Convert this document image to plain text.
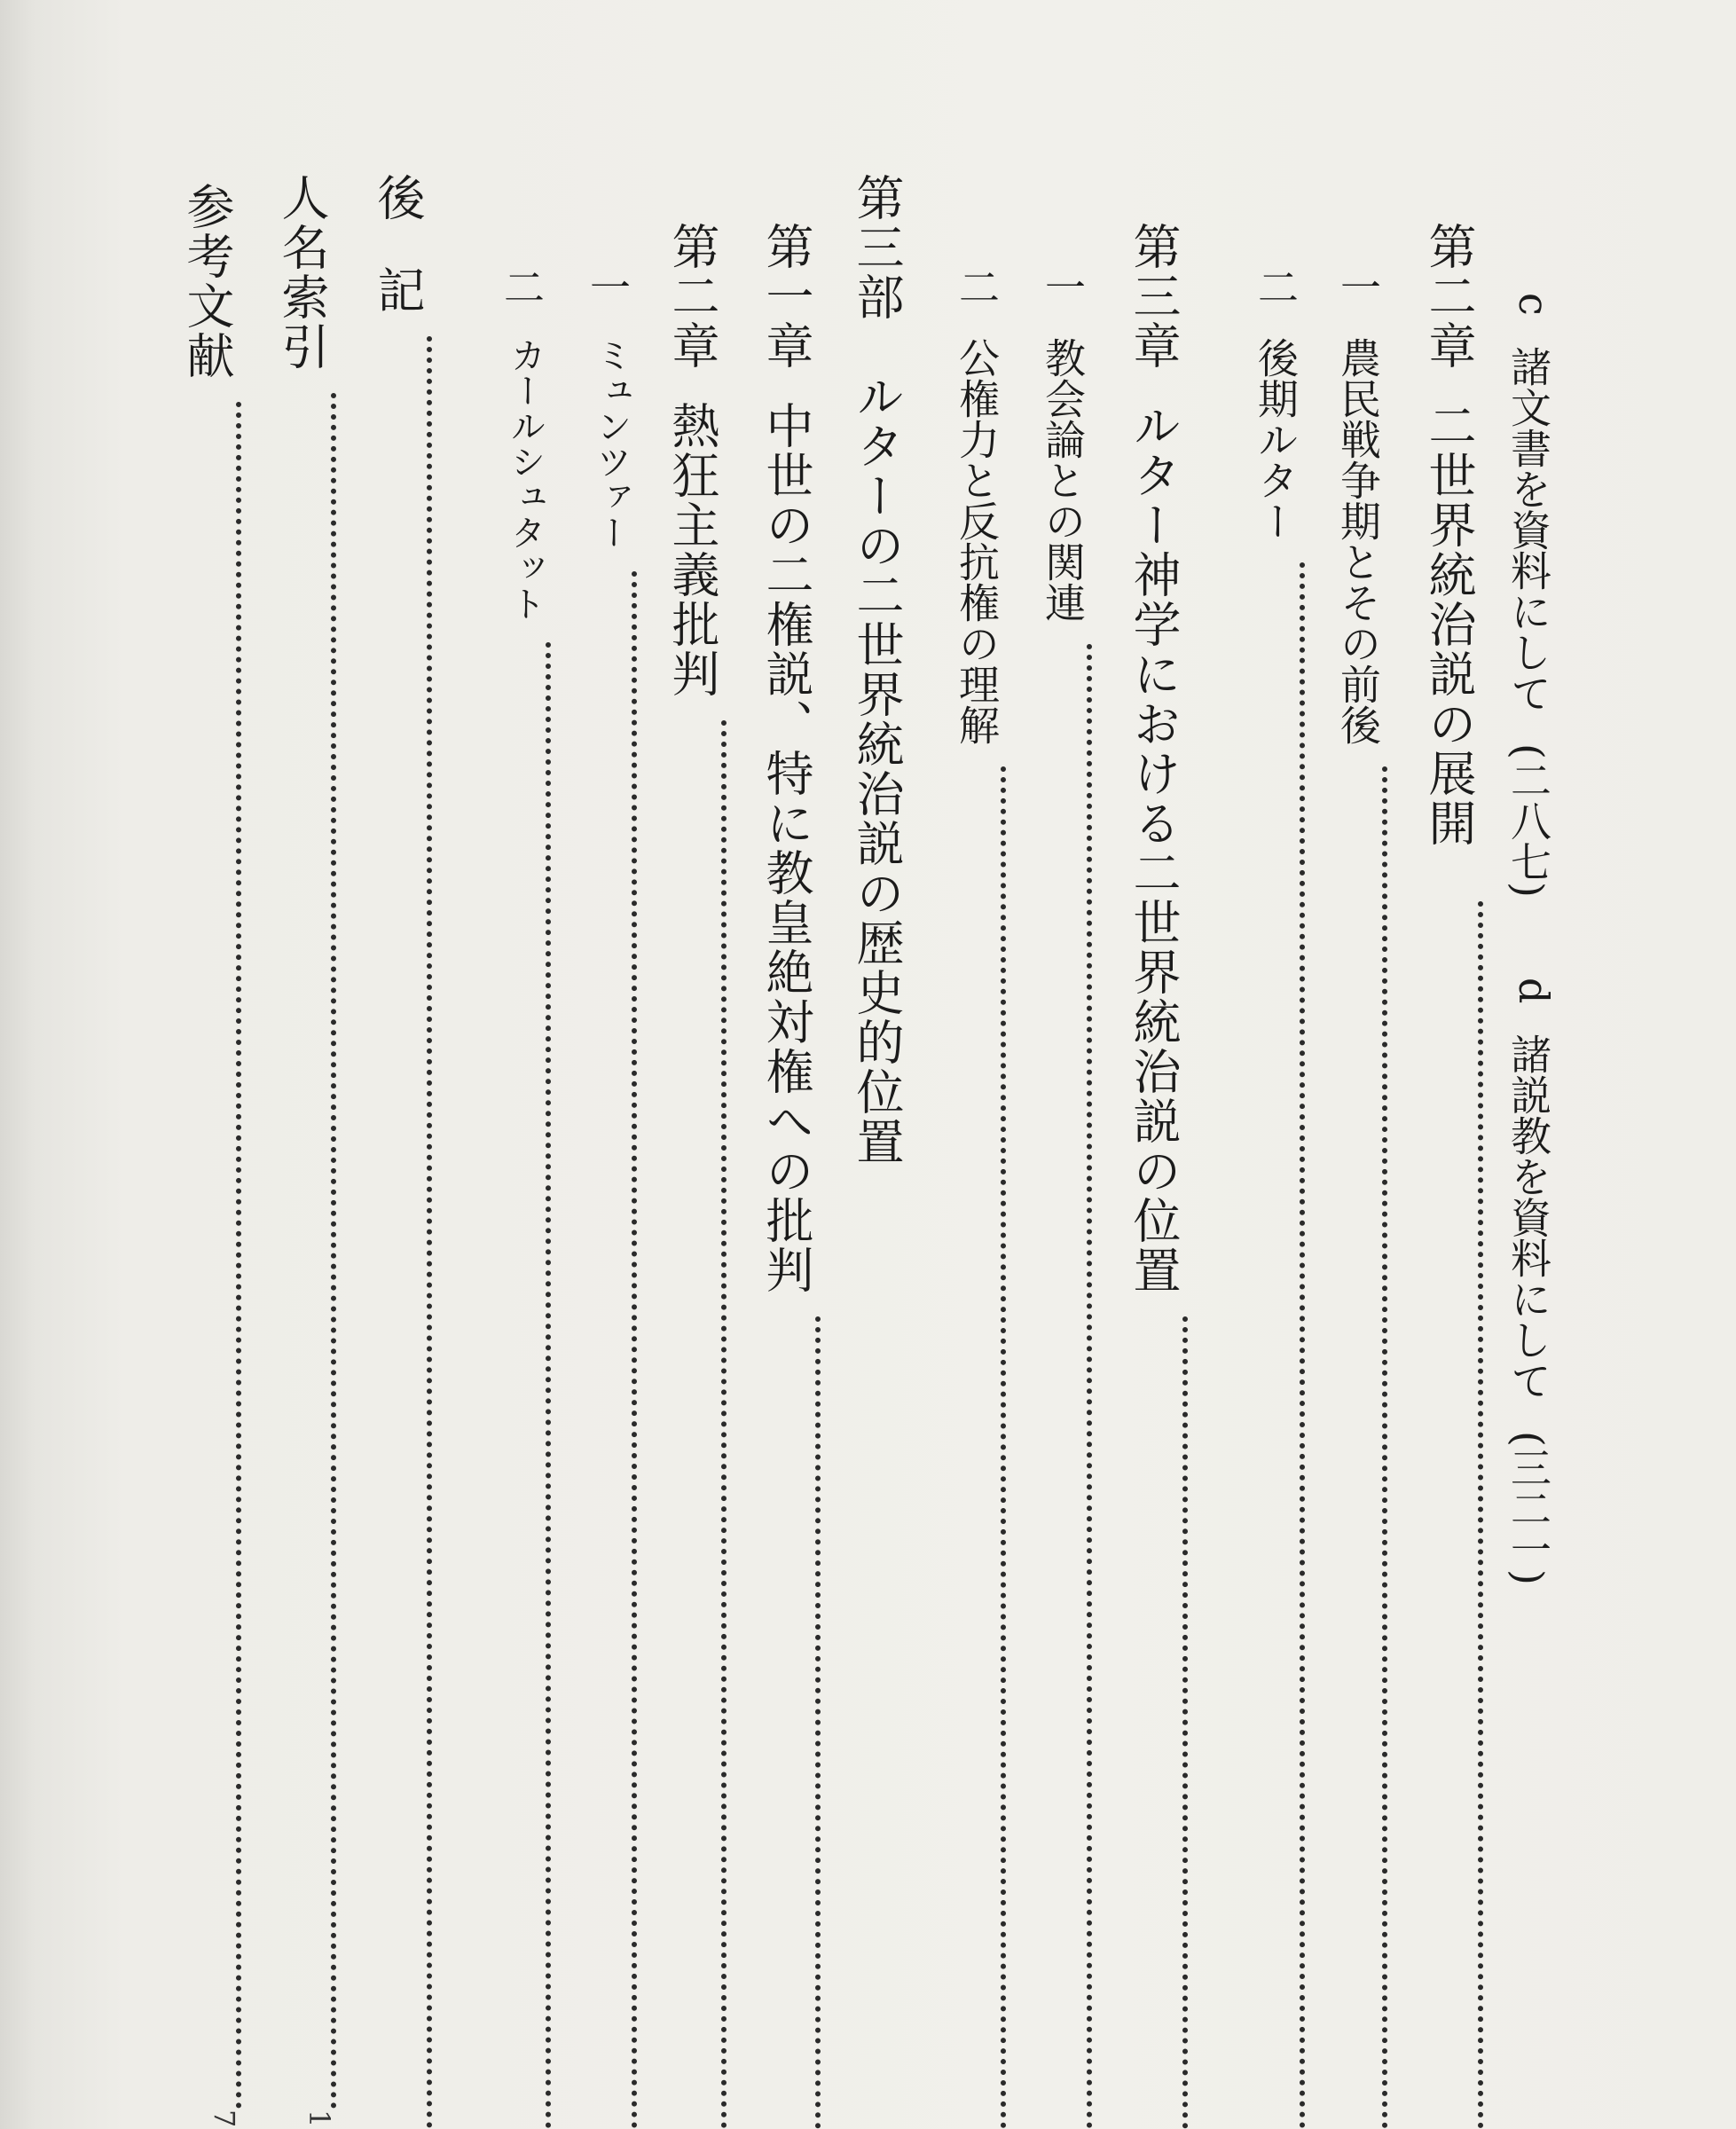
c
諸文書を資料にして
(二八七)
d
諸説教を資料にして
(三二一)
第二章
二世界統治説の展開
一
農民戦争期とその前後
二
後期ルター
第三章
ルター神学における二世界統治説の位置
一
教会論との関連
二
公権力と反抗権の理解
第三部
ルターの二世界統治説の歴史的位置
第一章
中世の二権説、特に教皇絶対権への批判
第二章
熱狂主義批判
一
ミュンツァー
二
カールシュタット
後
記
人名索引
1
参考文献
7
